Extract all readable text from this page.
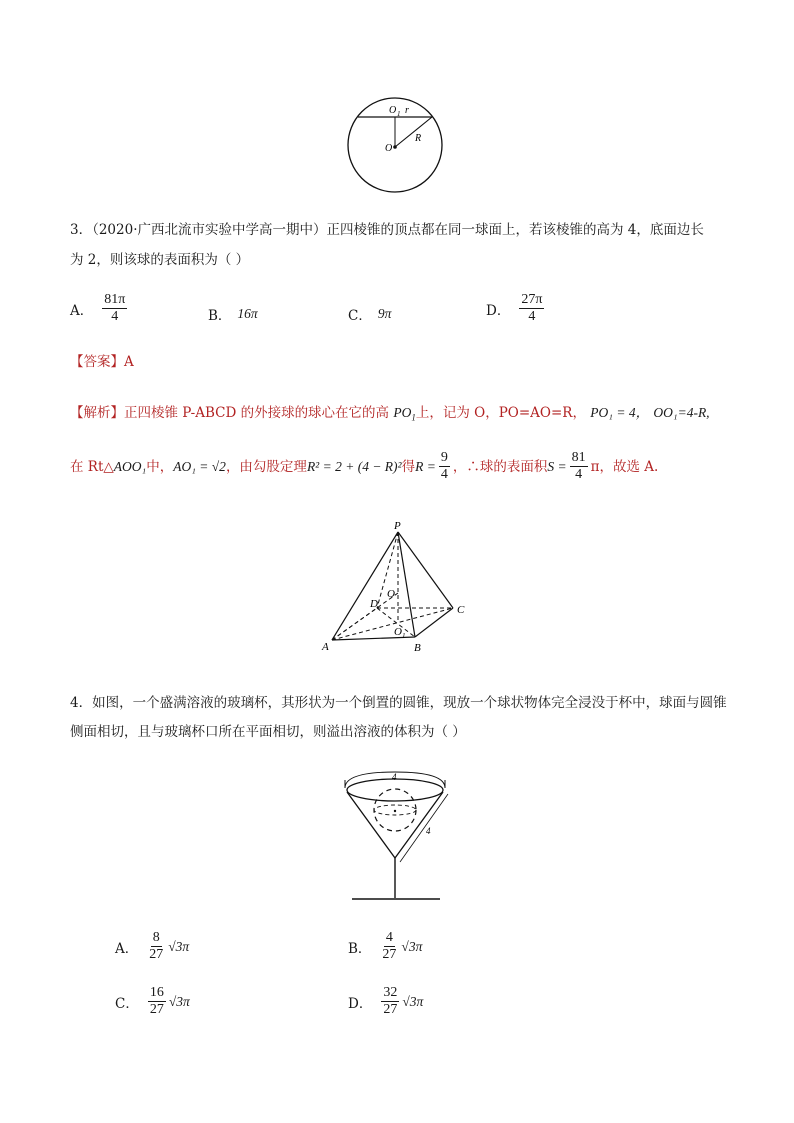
O 1 r
R
O
3．（2020·广西北流市实验中学高一期中）正四棱锥的顶点都在同一球面上，若该棱锥的高为 4，底面边长
为 2，则该球的表面积为（ ）
A． $\frac{81\pi}{4}$	B． 16π	C． 9π	D． $\frac{27\pi}{4}$
【答案】A
【解析】正四棱锥 P-ABCD 的外接球的球心在它的高 $PO_1$上，记为 O，PO=AO=R， PO₁ = 4， OO₁=4-R,
在 Rt△ AOO₁ 中， AO₁ = √2 ，由勾股定理 R² = 2 + (4 − R)² 得 $R = \frac{9}{4}$ ，∴球的表面积 $S = \frac{81}{4}$ π，故选 A.
P
O
D	C
O 1
A	B
4．如图，一个盛满溶液的玻璃杯，其形状为一个倒置的圆锥，现放一个球状物体完全浸没于杯中，球面与圆锥
侧面相切，且与玻璃杯口所在平面相切，则溢出溶液的体积为（ ）
4
4
A． $\frac{8}{27} √3\pi$	B． $\frac{4}{27} √3\pi$
C． $\frac{16}{27} √3\pi$	D． $\frac{32}{27} √3\pi$
